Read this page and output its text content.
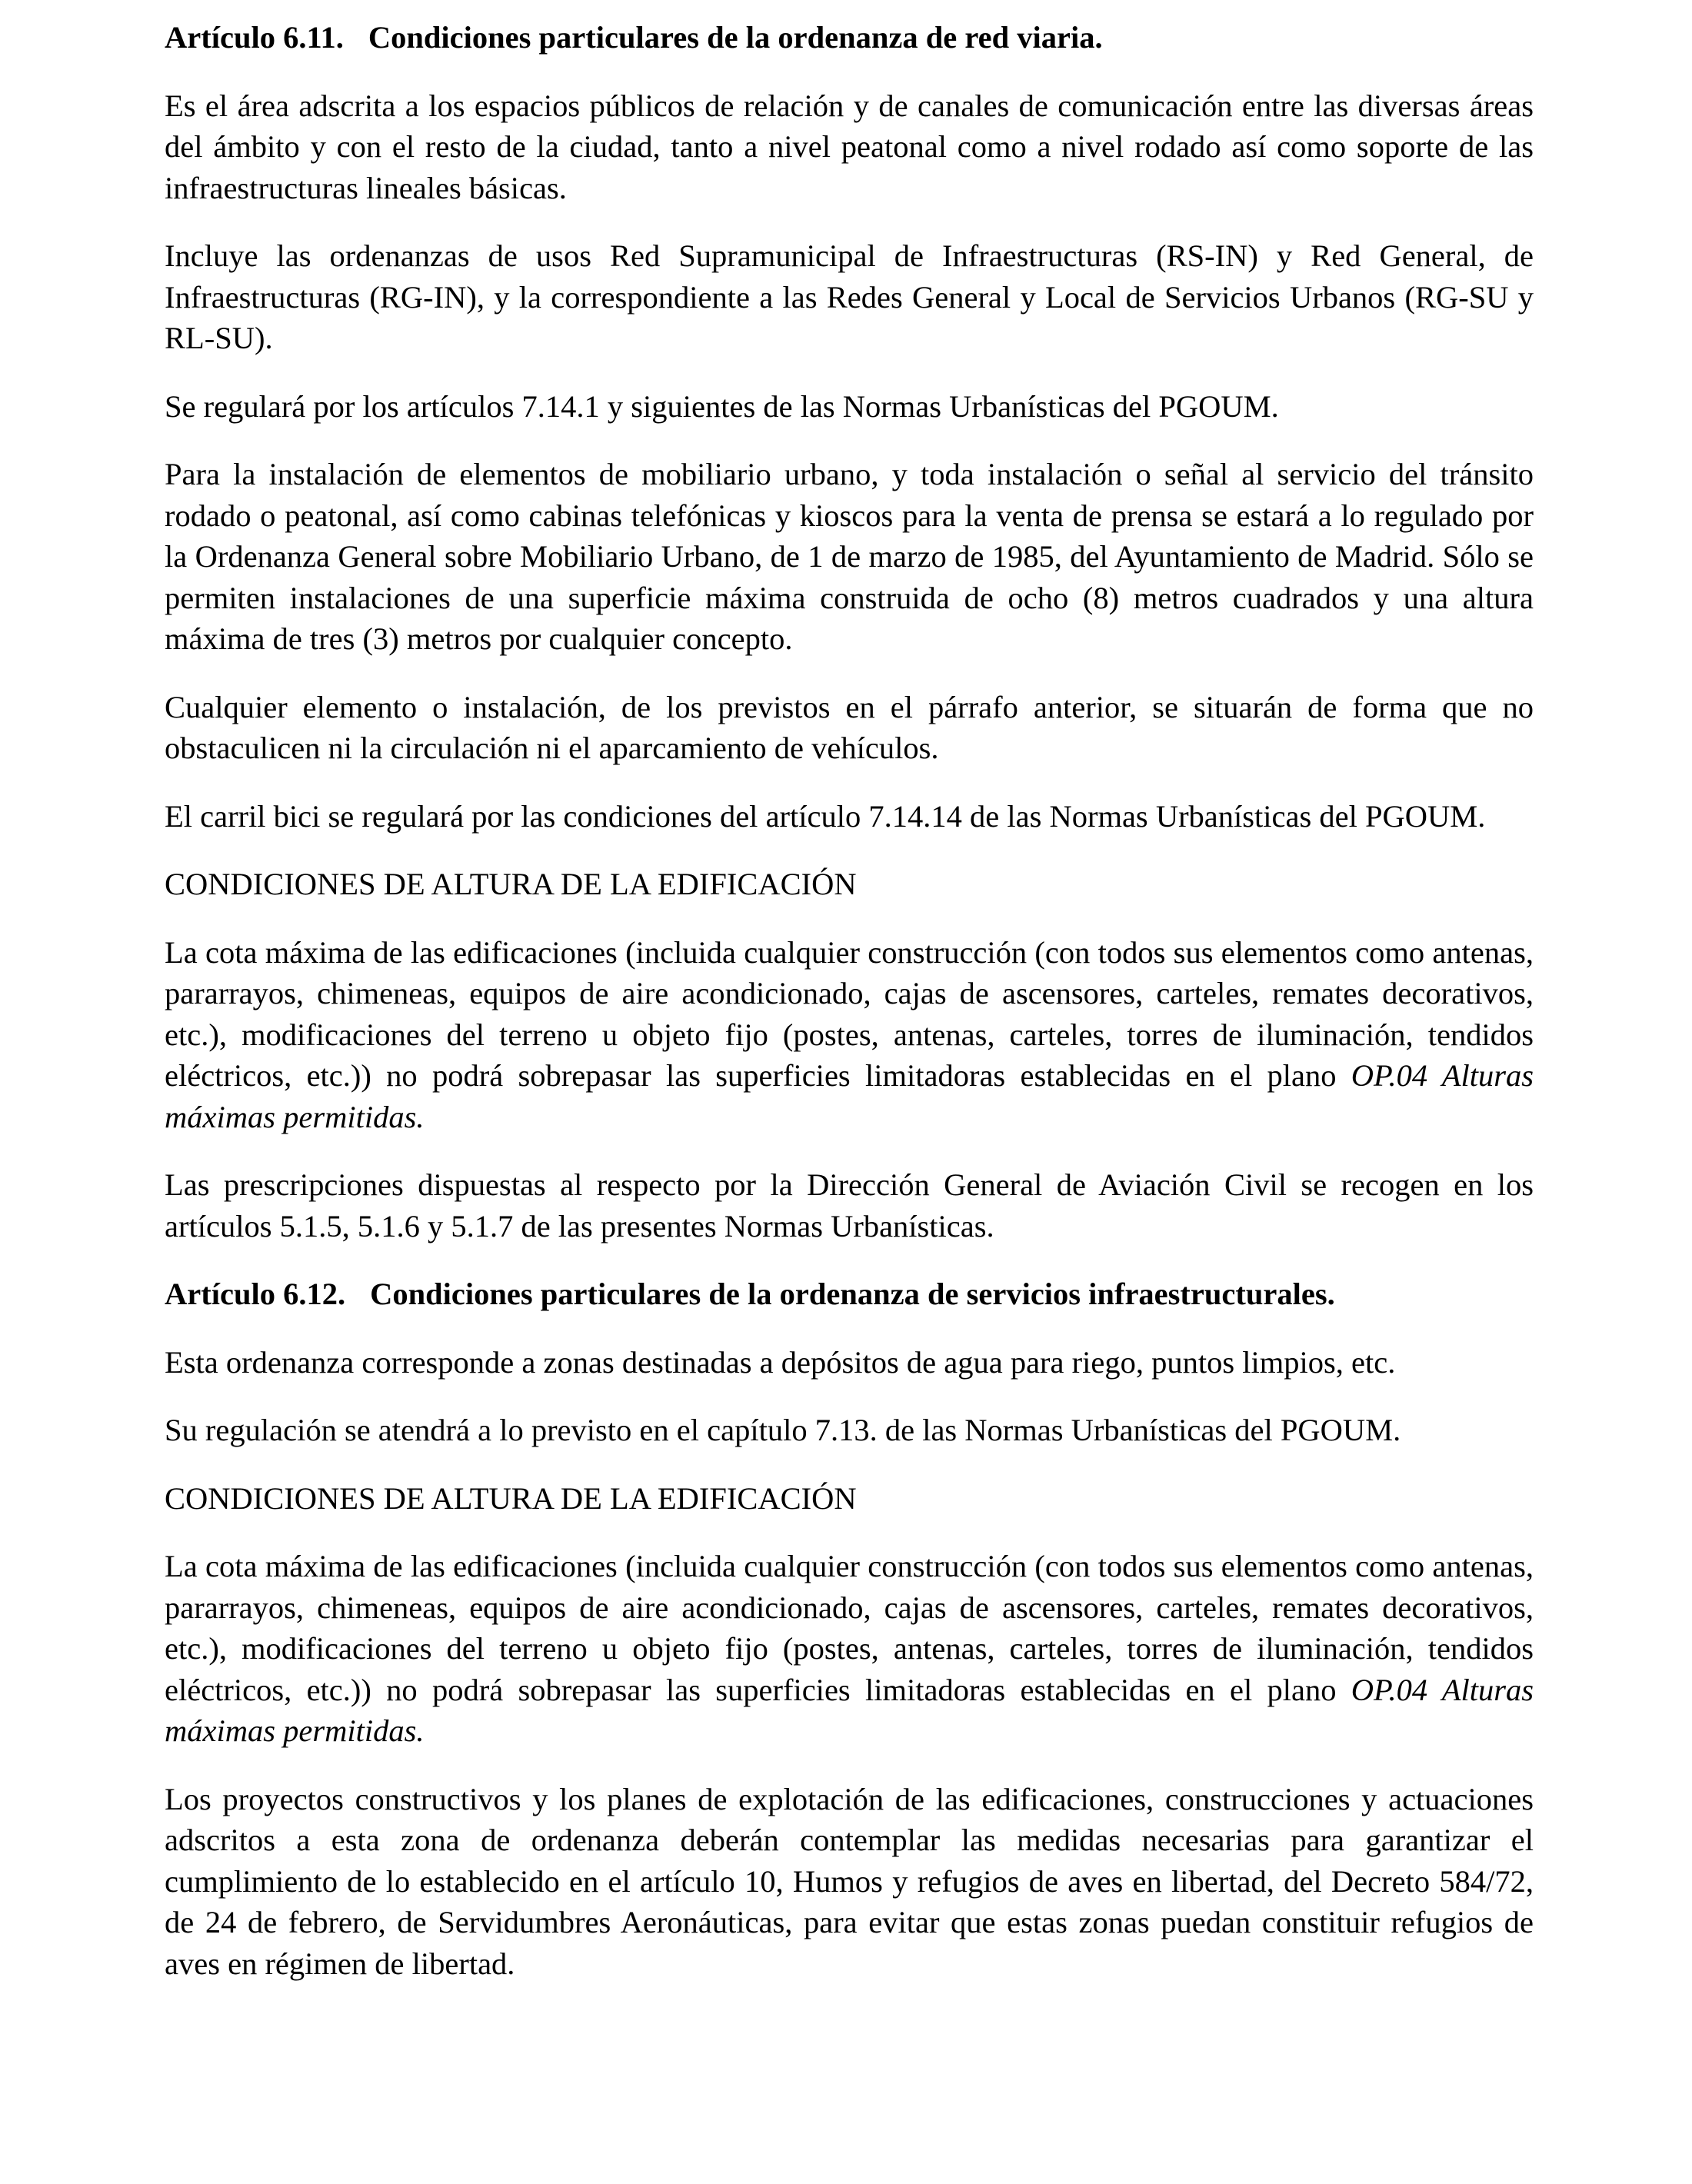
Artículo 6.11. Condiciones particulares de la ordenanza de red viaria.

Es el área adscrita a los espacios públicos de relación y de canales de comunicación entre las diversas áreas del ámbito y con el resto de la ciudad, tanto a nivel peatonal como a nivel rodado así como soporte de las infraestructuras lineales básicas.

Incluye las ordenanzas de usos Red Supramunicipal de Infraestructuras (RS-IN) y Red General, de Infraestructuras (RG-IN), y la correspondiente a las Redes General y Local de Servicios Urbanos (RG-SU y RL-SU).

Se regulará por los artículos 7.14.1 y siguientes de las Normas Urbanísticas del PGOUM.

Para la instalación de elementos de mobiliario urbano, y toda instalación o señal al servicio del tránsito rodado o peatonal, así como cabinas telefónicas y kioscos para la venta de prensa se estará a lo regulado por la Ordenanza General sobre Mobiliario Urbano, de 1 de marzo de 1985, del Ayuntamiento de Madrid. Sólo se permiten instalaciones de una superficie máxima construida de ocho (8) metros cuadrados y una altura máxima de tres (3) metros por cualquier concepto.

Cualquier elemento o instalación, de los previstos en el párrafo anterior, se situarán de forma que no obstaculicen ni la circulación ni el aparcamiento de vehículos.

El carril bici se regulará por las condiciones del artículo 7.14.14 de las Normas Urbanísticas del PGOUM.

CONDICIONES DE ALTURA DE LA EDIFICACIÓN

La cota máxima de las edificaciones (incluida cualquier construcción (con todos sus elementos como antenas, pararrayos, chimeneas, equipos de aire acondicionado, cajas de ascensores, carteles, remates decorativos, etc.), modificaciones del terreno u objeto fijo (postes, antenas, carteles, torres de iluminación, tendidos eléctricos, etc.)) no podrá sobrepasar las superficies limitadoras establecidas en el plano OP.04 Alturas máximas permitidas.

Las prescripciones dispuestas al respecto por la Dirección General de Aviación Civil se recogen en los artículos 5.1.5, 5.1.6 y 5.1.7 de las presentes Normas Urbanísticas.

Artículo 6.12. Condiciones particulares de la ordenanza de servicios infraestructurales.

Esta ordenanza corresponde a zonas destinadas a depósitos de agua para riego, puntos limpios, etc.

Su regulación se atendrá a lo previsto en el capítulo 7.13. de las Normas Urbanísticas del PGOUM.

CONDICIONES DE ALTURA DE LA EDIFICACIÓN

La cota máxima de las edificaciones (incluida cualquier construcción (con todos sus elementos como antenas, pararrayos, chimeneas, equipos de aire acondicionado, cajas de ascensores, carteles, remates decorativos, etc.), modificaciones del terreno u objeto fijo (postes, antenas, carteles, torres de iluminación, tendidos eléctricos, etc.)) no podrá sobrepasar las superficies limitadoras establecidas en el plano OP.04 Alturas máximas permitidas.

Los proyectos constructivos y los planes de explotación de las edificaciones, construcciones y actuaciones adscritos a esta zona de ordenanza deberán contemplar las medidas necesarias para garantizar el cumplimiento de lo establecido en el artículo 10, Humos y refugios de aves en libertad, del Decreto 584/72, de 24 de febrero, de Servidumbres Aeronáuticas, para evitar que estas zonas puedan constituir refugios de aves en régimen de libertad.
